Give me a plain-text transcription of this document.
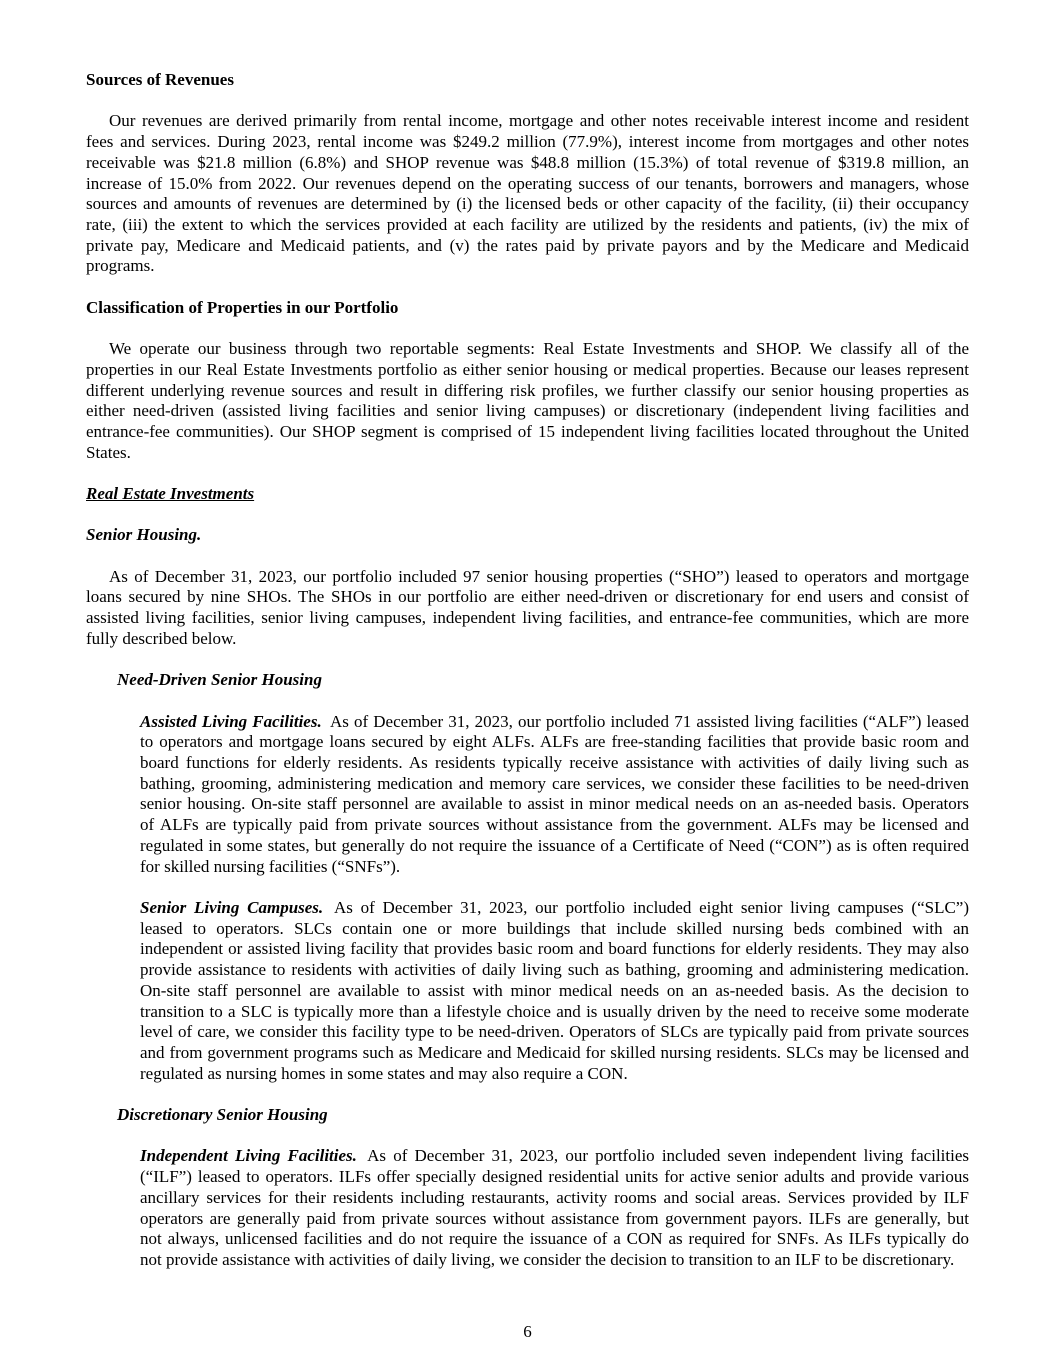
Sources of Revenues
Our revenues are derived primarily from rental income, mortgage and other notes receivable interest income and resident
fees and services. During 2023, rental income was $249.2 million (77.9%), interest income from mortgages and other notes
receivable was $21.8 million (6.8%) and SHOP revenue was $48.8 million (15.3%) of total revenue of $319.8 million, an
increase of 15.0% from 2022. Our revenues depend on the operating success of our tenants, borrowers and managers, whose
sources and amounts of revenues are determined by (i) the licensed beds or other capacity of the facility, (ii) their occupancy
rate, (iii) the extent to which the services provided at each facility are utilized by the residents and patients, (iv) the mix of
private pay, Medicare and Medicaid patients, and (v) the rates paid by private payors and by the Medicare and Medicaid
programs.
Classification of Properties in our Portfolio
We operate our business through two reportable segments: Real Estate Investments and SHOP. We classify all of the
properties in our Real Estate Investments portfolio as either senior housing or medical properties. Because our leases represent
different underlying revenue sources and result in differing risk profiles, we further classify our senior housing properties as
either need-driven (assisted living facilities and senior living campuses) or discretionary (independent living facilities and
entrance-fee communities). Our SHOP segment is comprised of 15 independent living facilities located throughout the United
States.
Real Estate Investments
Senior Housing.
As of December 31, 2023, our portfolio included 97 senior housing properties (“SHO”) leased to operators and mortgage
loans secured by nine SHOs. The SHOs in our portfolio are either need-driven or discretionary for end users and consist of
assisted living facilities, senior living campuses, independent living facilities, and entrance-fee communities, which are more
fully described below.
Need-Driven Senior Housing
Assisted Living Facilities. As of December 31, 2023, our portfolio included 71 assisted living facilities (“ALF”) leased
to operators and mortgage loans secured by eight ALFs. ALFs are free-standing facilities that provide basic room and
board functions for elderly residents. As residents typically receive assistance with activities of daily living such as
bathing, grooming, administering medication and memory care services, we consider these facilities to be need-driven
senior housing. On-site staff personnel are available to assist in minor medical needs on an as-needed basis. Operators
of ALFs are typically paid from private sources without assistance from the government. ALFs may be licensed and
regulated in some states, but generally do not require the issuance of a Certificate of Need (“CON”) as is often required
for skilled nursing facilities (“SNFs”).
Senior Living Campuses. As of December 31, 2023, our portfolio included eight senior living campuses (“SLC”)
leased to operators. SLCs contain one or more buildings that include skilled nursing beds combined with an
independent or assisted living facility that provides basic room and board functions for elderly residents. They may also
provide assistance to residents with activities of daily living such as bathing, grooming and administering medication.
On-site staff personnel are available to assist with minor medical needs on an as-needed basis. As the decision to
transition to a SLC is typically more than a lifestyle choice and is usually driven by the need to receive some moderate
level of care, we consider this facility type to be need-driven. Operators of SLCs are typically paid from private sources
and from government programs such as Medicare and Medicaid for skilled nursing residents. SLCs may be licensed and
regulated as nursing homes in some states and may also require a CON.
Discretionary Senior Housing
Independent Living Facilities. As of December 31, 2023, our portfolio included seven independent living facilities
(“ILF”) leased to operators. ILFs offer specially designed residential units for active senior adults and provide various
ancillary services for their residents including restaurants, activity rooms and social areas. Services provided by ILF
operators are generally paid from private sources without assistance from government payors. ILFs are generally, but
not always, unlicensed facilities and do not require the issuance of a CON as required for SNFs. As ILFs typically do
not provide assistance with activities of daily living, we consider the decision to transition to an ILF to be discretionary.
6
